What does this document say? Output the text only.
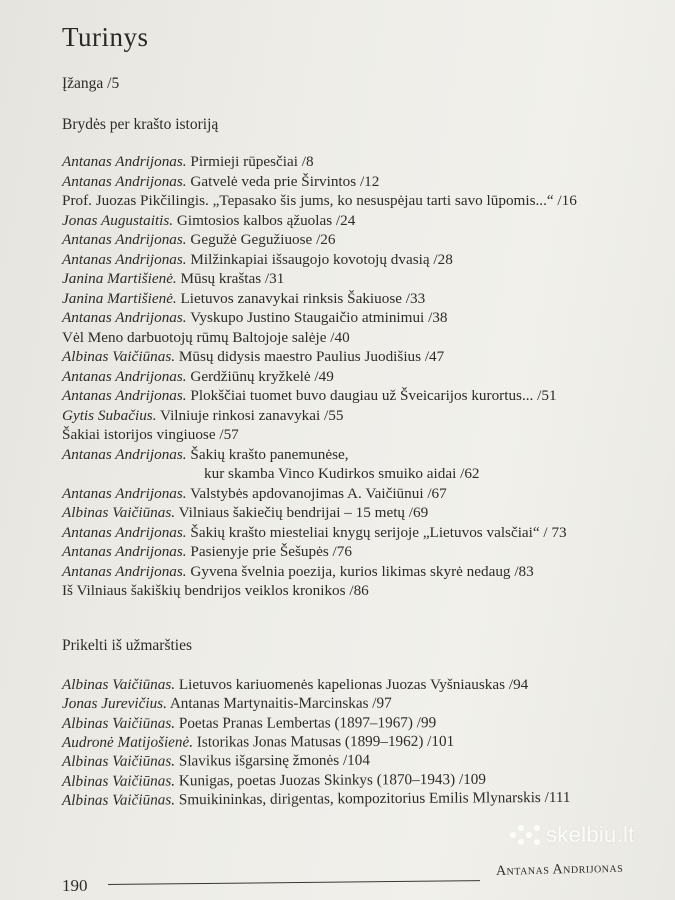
Turinys
Įžanga /5
Brydės per krašto istoriją
Antanas Andrijonas. Pirmieji rūpesčiai /8
Antanas Andrijonas. Gatvelė veda prie Širvintos /12
Prof. Juozas Pikčilingis. „Tepasako šis jums, ko nesuspėjau tarti savo lūpomis...“ /16
Jonas Augustaitis. Gimtosios kalbos ąžuolas /24
Antanas Andrijonas. Gegužė Gegužiuose /26
Antanas Andrijonas. Milžinkapiai išsaugojo kovotojų dvasią /28
Janina Martišienė. Mūsų kraštas /31
Janina Martišienė. Lietuvos zanavykai rinksis Šakiuose /33
Antanas Andrijonas. Vyskupo Justino Staugaičio atminimui /38
Vėl Meno darbuotojų rūmų Baltojoje salėje /40
Albinas Vaičiūnas. Mūsų didysis maestro Paulius Juodišius /47
Antanas Andrijonas. Gerdžiūnų kryžkelė /49
Antanas Andrijonas. Plokščiai tuomet buvo daugiau už Šveicarijos kurortus... /51
Gytis Subačius. Vilniuje rinkosi zanavykai /55
Šakiai istorijos vingiuose /57
Antanas Andrijonas. Šakių krašto panemunėse,
kur skamba Vinco Kudirkos smuiko aidai /62
Antanas Andrijonas. Valstybės apdovanojimas A. Vaičiūnui /67
Albinas Vaičiūnas. Vilniaus šakiečių bendrijai – 15 metų /69
Antanas Andrijonas. Šakių krašto miesteliai knygų serijoje „Lietuvos valsčiai“ / 73
Antanas Andrijonas. Pasienyje prie Šešupės /76
Antanas Andrijonas. Gyvena švelnia poezija, kurios likimas skyrė nedaug /83
Iš Vilniaus šakiškių bendrijos veiklos kronikos /86
Prikelti iš užmaršties
Albinas Vaičiūnas. Lietuvos kariuomenės kapelionas Juozas Vyšniauskas /94
Jonas Jurevičius. Antanas Martynaitis-Marcinskas /97
Albinas Vaičiūnas. Poetas Pranas Lembertas (1897–1967) /99
Audronė Matijošienė. Istorikas Jonas Matusas (1899–1962) /101
Albinas Vaičiūnas. Slavikus išgarsinę žmonės /104
Albinas Vaičiūnas. Kunigas, poetas Juozas Skinkys (1870–1943) /109
Albinas Vaičiūnas. Smuikininkas, dirigentas, kompozitorius Emilis Mlynarskis /111
190
Antanas Andrijonas
skelbiu.lt
